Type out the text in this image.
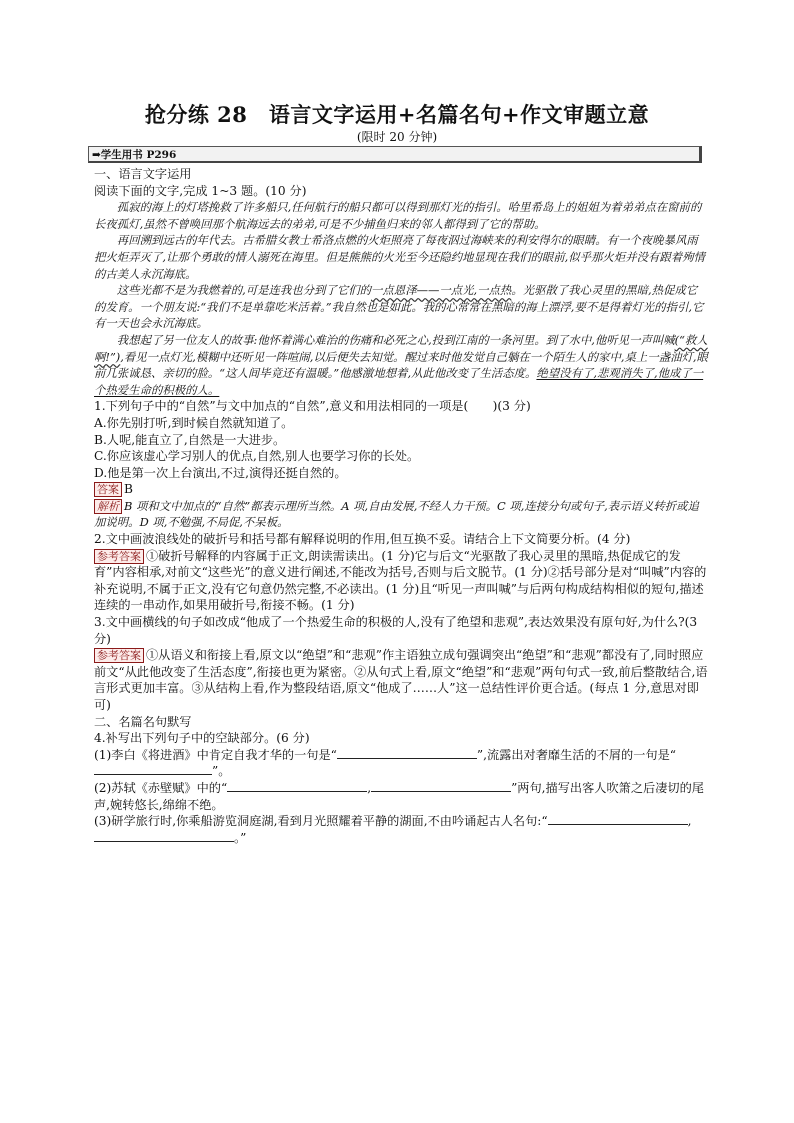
抢分练 28　语言文字运用+名篇名句+作文审题立意
(限时 20 分钟)
➡学生用书 P296

一、语言文字运用

阅读下面的文字,完成 1~3 题。(10 分)

孤寂的海上的灯塔挽救了许多船只,任何航行的船只都可以得到那灯光的指引。哈里希岛上的姐姐为着弟弟点在窗前的长夜孤灯,虽然不曾唤回那个航海远去的弟弟,可是不少捕鱼归来的邻人都得到了它的帮助。

再回溯到远古的年代去。古希腊女教士希洛点燃的火炬照亮了每夜泅过海峡来的利安得尔的眼睛。有一个夜晚暴风雨把火炬弄灭了,让那个勇敢的情人溺死在海里。但是熊熊的火光至今还隐约地显现在我们的眼前,似乎那火炬并没有跟着殉情的古美人永沉海底。

这些光都不是为我燃着的,可是连我也分到了它们的一点恩泽——一点光,一点热。光驱散了我心灵里的黑暗,热促成它的发育。一个朋友说:“我们不是单靠吃米活着。”我自然也是如此。我的心常常在黑暗的海上漂浮,要不是得着灯光的指引,它有一天也会永沉海底。

我想起了另一位友人的故事:他怀着满心难治的伤痛和必死之心,投到江南的一条河里。到了水中,他听见一声叫喊(“救人啊!”),看见一点灯光,模糊中还听见一阵喧闹,以后便失去知觉。醒过来时他发觉自己躺在一个陌生人的家中,桌上一盏油灯,眼前几张诚恳、亲切的脸。“这人间毕竟还有温暖。”他感激地想着,从此他改变了生活态度。绝望没有了,悲观消失了,他成了一个热爱生命的积极的人。

1.下列句子中的“自然”与文中加点的“自然”,意义和用法相同的一项是(　　)(3 分)

A.你先别打听,到时候自然就知道了。

B.人呢,能直立了,自然是一大进步。

C.你应该虚心学习别人的优点,自然,别人也要学习你的长处。

D.他是第一次上台演出,不过,演得还挺自然的。

答案 B

解析 B 项和文中加点的“自然”都表示理所当然。A 项,自由发展,不经人力干预。C 项,连接分句或句子,表示语义转折或追加说明。D 项,不勉强,不局促,不呆板。

2.文中画波浪线处的破折号和括号都有解释说明的作用,但互换不妥。请结合上下文简要分析。(4 分)

参考答案 ①破折号解释的内容属于正文,朗读需读出。(1 分)它与后文“光驱散了我心灵里的黑暗,热促成它的发育”内容相承,对前文“这些光”的意义进行阐述,不能改为括号,否则与后文脱节。(1 分)②括号部分是对“叫喊”内容的补充说明,不属于正文,没有它句意仍然完整,不必读出。(1 分)且“听见一声叫喊”与后两句构成结构相似的短句,描述连续的一串动作,如果用破折号,衔接不畅。(1 分)

3.文中画横线的句子如改成“他成了一个热爱生命的积极的人,没有了绝望和悲观”,表达效果没有原句好,为什么?(3 分)

参考答案 ①从语义和衔接上看,原文以“绝望”和“悲观”作主语独立成句强调突出“绝望”和“悲观”都没有了,同时照应前文“从此他改变了生活态度”,衔接也更为紧密。②从句式上看,原文“绝望”和“悲观”两句句式一致,前后整散结合,语言形式更加丰富。③从结构上看,作为整段结语,原文“他成了……人”这一总结性评价更合适。(每点 1 分,意思对即可)

二、名篇名句默写

4.补写出下列句子中的空缺部分。(6 分)

(1)李白《将进酒》中肯定自我才华的一句是“	”,流露出对奢靡生活的不屑的一句是“”。

(2)苏轼《赤壁赋》中的“	,	”两句,描写出客人吹箫之后凄切的尾声,婉转悠长,绵绵不绝。

(3)研学旅行时,你乘船游览洞庭湖,看到月光照耀着平静的湖面,不由吟诵起古人名句:“	,。”
